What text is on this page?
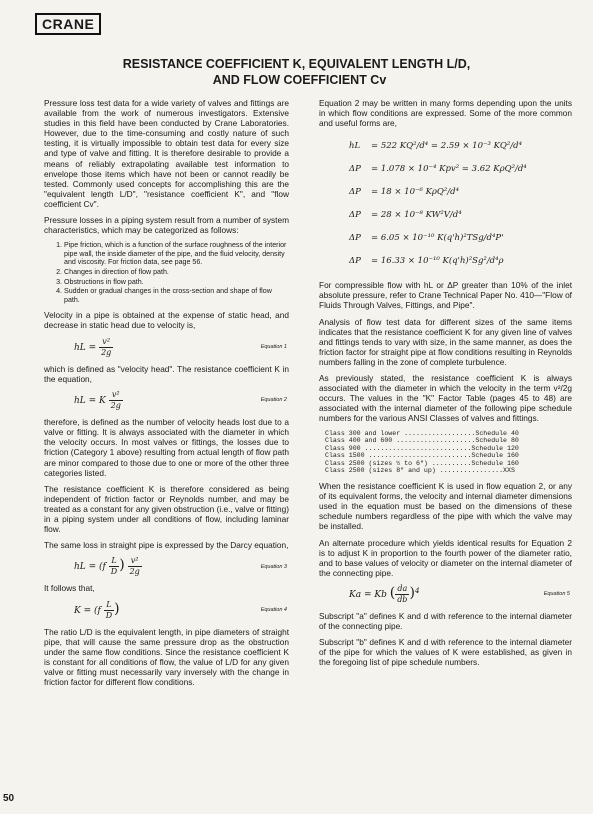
CRANE
RESISTANCE COEFFICIENT K, EQUIVALENT LENGTH L/D,
AND FLOW COEFFICIENT Cv

Pressure loss test data for a wide variety of valves and fittings are available from the work of numerous investigators. Extensive studies in this field have been conducted by Crane Laboratories. However, due to the time-consuming and costly nature of such testing, it is virtually impossible to obtain test data for every size and type of valve and fitting. It is therefore desirable to provide a means of reliably extrapolating available test information to envelope those items which have not been or cannot readily be tested. Commonly used concepts for accomplishing this are the "equivalent length L/D", "resistance coefficient K", and "flow coefficient Cv".

Pressure losses in a piping system result from a number of system characteristics, which may be categorized as follows:

1. Pipe friction, which is a function of the surface roughness of the interior pipe wall, the inside diameter of the pipe, and the fluid velocity, density and viscosity. For friction data, see page 56.
2. Changes in direction of flow path.
3. Obstructions in flow path.
4. Sudden or gradual changes in the cross-section and shape of flow path.

Velocity in a pipe is obtained at the expense of static head, and decrease in static head due to velocity is,

hL = $\frac{\text{v²}}{2g}$	Equation 1

which is defined as "velocity head". The resistance coefficient K in the equation,

hL = K $\frac{\text{v²}}{2g}$	Equation 2

therefore, is defined as the number of velocity heads lost due to a valve or fitting. It is always associated with the diameter in which the velocity occurs. In most valves or fittings, the losses due to friction (Category 1 above) resulting from actual length of flow path are minor compared to those due to one or more of the other three categories listed.

The resistance coefficient K is therefore considered as being independent of friction factor or Reynolds number, and may be treated as a constant for any given obstruction (i.e., valve or fitting) in a piping system under all conditions of flow, including laminar flow.

The same loss in straight pipe is expressed by the Darcy equation,

hL = ($f \frac{L}{D}$ ) $\frac{\text{v²}}{2g}$	Equation 3

It follows that,

$K = (f \frac{L}{D}$ )	Equation 4

The ratio L/D is the equivalent length, in pipe diameters of straight pipe, that will cause the same pressure drop as the obstruction under the same flow conditions. Since the resistance coefficient K is constant for all conditions of flow, the value of L/D for any given valve or fitting must necessarily vary inversely with the change in friction factor for different flow conditions.

Equation 2 may be written in many forms depending upon the units in which flow conditions are expressed. Some of the more common and useful forms are,

hL	= 522 KQ²/d⁴ = 2.59 × 10⁻³ KQ²/d⁴
ΔP	= 1.078 × 10⁻⁴ Kpv² = 3.62 KρQ²/d⁴
ΔP	= 18 × 10⁻⁶ KρQ²/d⁴
ΔP	= 28 × 10⁻⁸ KW²V/d⁴
ΔP	= 6.05 × 10⁻¹⁰ K(q'h)²TSg/d⁴P'
ΔP	= 16.33 × 10⁻¹⁰ K(q'h)²Sg²/d⁴ρ

For compressible flow with hL or ΔP greater than 10% of the inlet absolute pressure, refer to Crane Technical Paper No. 410—"Flow of Fluids Through Valves, Fittings, and Pipe".

Analysis of flow test data for different sizes of the same items indicates that the resistance coefficient K for any given line of valves and fittings tends to vary with size, in the same manner, as does the friction factor for straight pipe at flow conditions resulting in Reynolds numbers falling in the zone of complete turbulence.

As previously stated, the resistance coefficient K is always associated with the diameter in which the velocity in the term v²/2g occurs. The values in the "K" Factor Table (pages 45 to 48) are associated with the internal diameter of the following pipe schedule numbers for the various ANSI Classes of valves and fittings.

Class 300 and lower ..................Schedule 40
Class 400 and 600 ....................Schedule 80
Class 900 ...........................Schedule 120
Class 1500 ..........................Schedule 160
Class 2500 (sizes ½ to 6") ..........Schedule 160
Class 2500 (sizes 8" and up) ................XXS

When the resistance coefficient K is used in flow equation 2, or any of its equivalent forms, the velocity and internal diameter dimensions used in the equation must be based on the dimensions of these schedule numbers regardless of the pipe with which the valve may be installed.

An alternate procedure which yields identical results for Equation 2 is to adjust K in proportion to the fourth power of the diameter ratio, and to base values of velocity or diameter on the internal diameter of the connecting pipe.

Ka = Kb ( $\frac{da}{db} )^4$	Equation 5

Subscript "a" defines K and d with reference to the internal diameter of the connecting pipe.

Subscript "b" defines K and d with reference to the internal diameter of the pipe for which the values of K were established, as given in the foregoing list of pipe schedule numbers.

50
